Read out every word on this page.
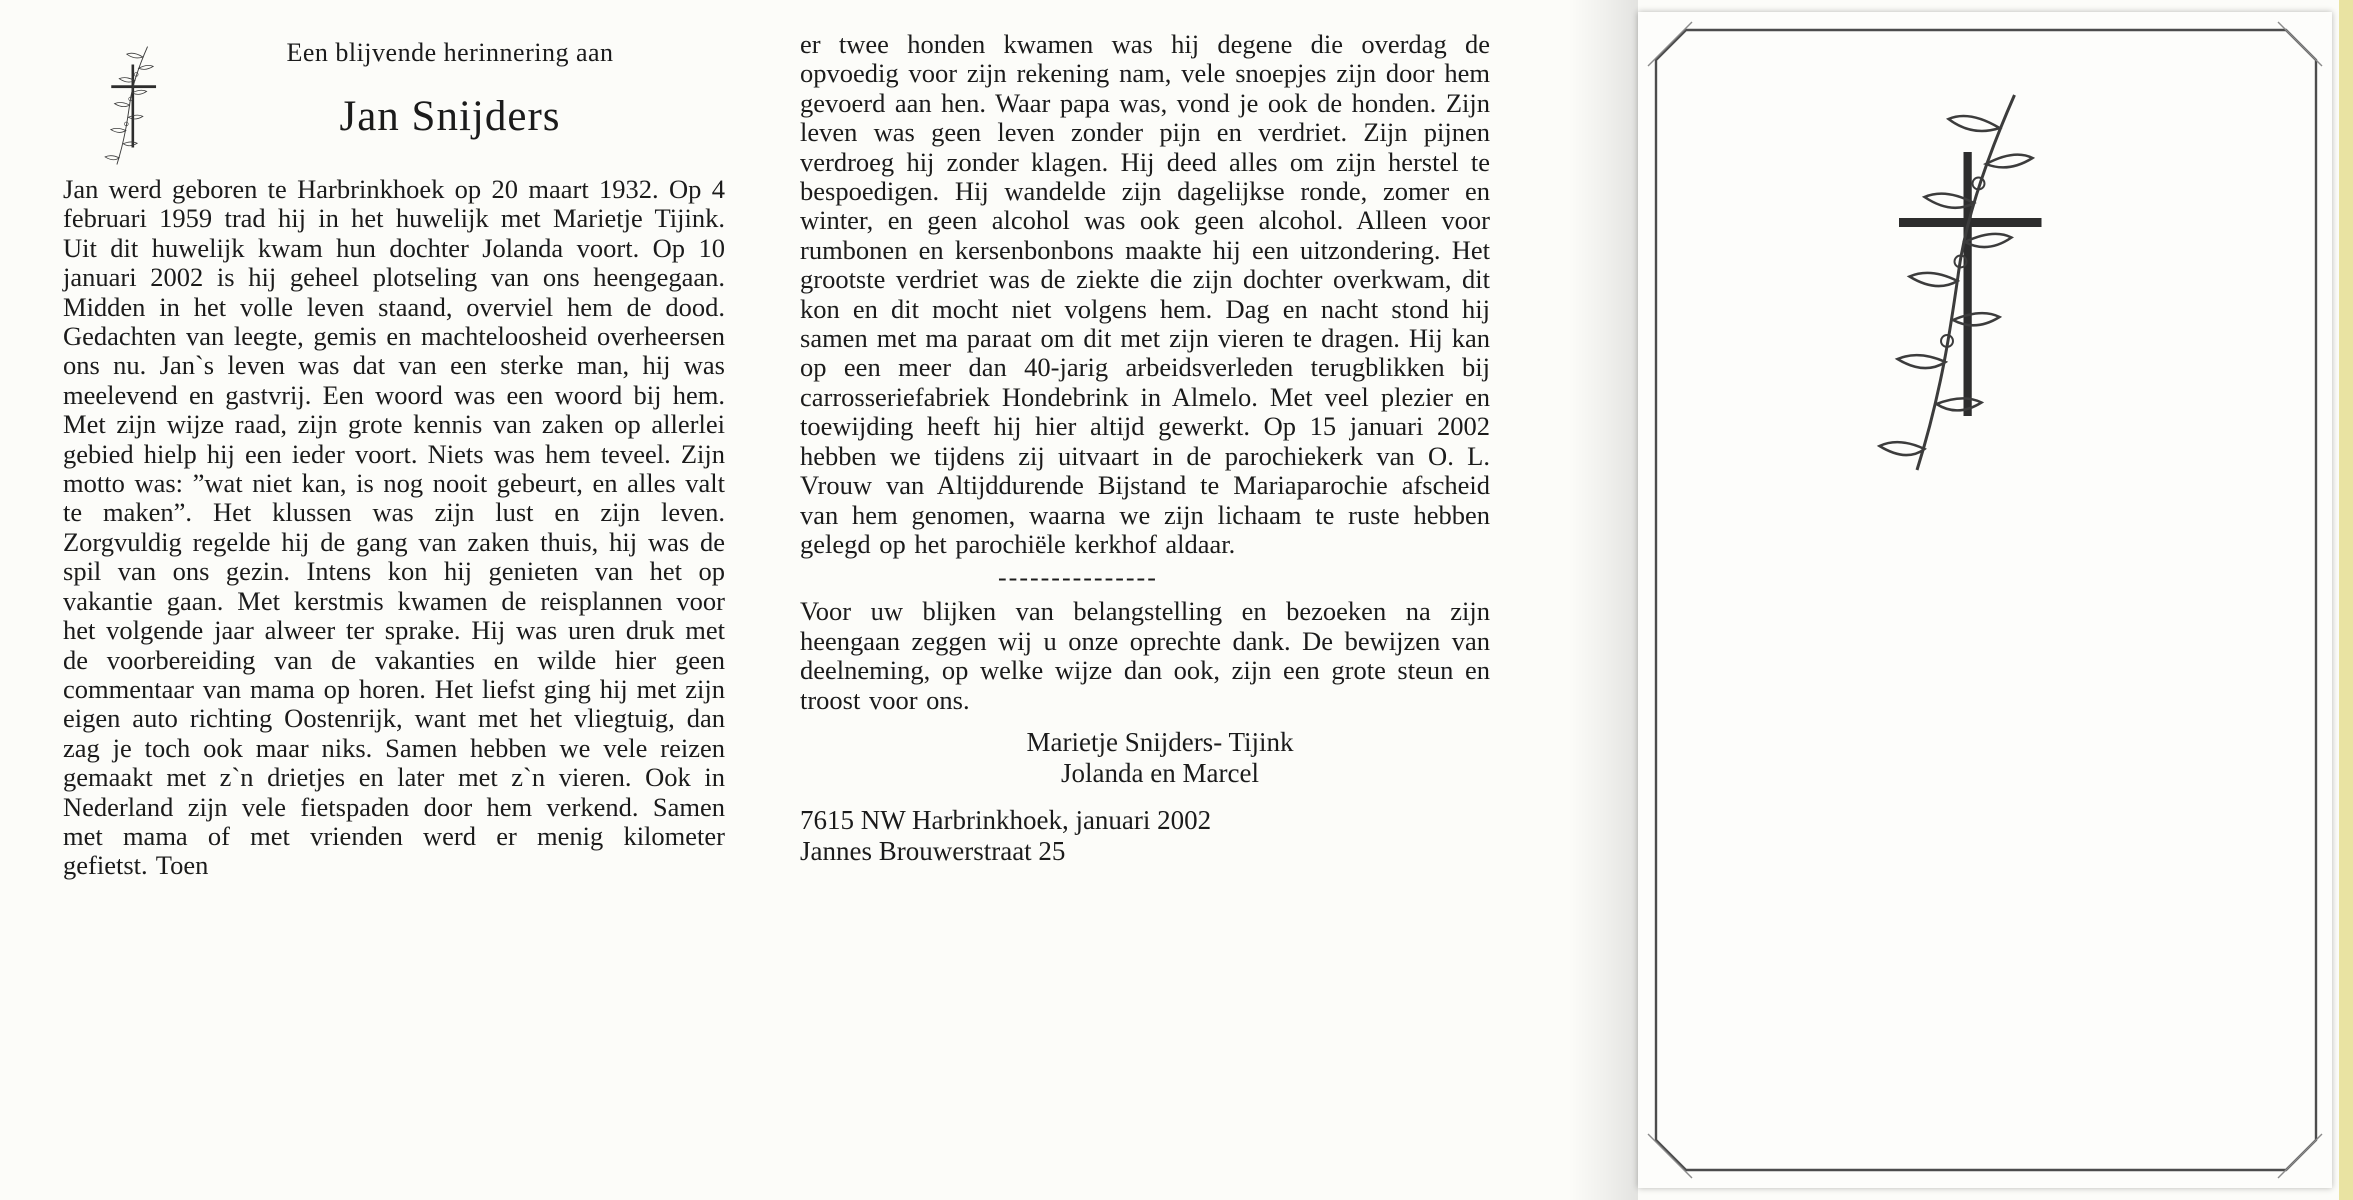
Een blijvende herinnering aan
Jan Snijders
Jan werd geboren te Harbrinkhoek op 20 maart 1932. Op 4 februari 1959 trad hij in het huwelijk met Marietje Tijink. Uit dit huwelijk kwam hun dochter Jolanda voort. Op 10 januari 2002 is hij geheel plotseling van ons heengegaan. Midden in het volle leven staand, overviel hem de dood. Gedachten van leegte, gemis en machteloosheid overheersen ons nu. Jan`s leven was dat van een sterke man, hij was meelevend en gastvrij. Een woord was een woord bij hem. Met zijn wijze raad, zijn grote kennis van zaken op allerlei gebied hielp hij een ieder voort. Niets was hem teveel. Zijn motto was: ”wat niet kan, is nog nooit gebeurt, en alles valt te maken”. Het klussen was zijn lust en zijn leven. Zorgvuldig regelde hij de gang van zaken thuis, hij was de spil van ons gezin. Intens kon hij genieten van het op vakantie gaan. Met kerstmis kwamen de reisplannen voor het volgende jaar alweer ter sprake. Hij was uren druk met de voorbereiding van de vakanties en wilde hier geen commentaar van mama op horen. Het liefst ging hij met zijn eigen auto richting Oostenrijk, want met het vliegtuig, dan zag je toch ook maar niks. Samen hebben we vele reizen gemaakt met z`n drietjes en later met z`n vieren. Ook in Nederland zijn vele fietspaden door hem verkend. Samen met mama of met vrienden werd er menig kilometer gefietst. Toen
er twee honden kwamen was hij degene die overdag de opvoedig voor zijn rekening nam, vele snoepjes zijn door hem gevoerd aan hen. Waar papa was, vond je ook de honden. Zijn leven was geen leven zonder pijn en verdriet. Zijn pijnen verdroeg hij zonder klagen. Hij deed alles om zijn herstel te bespoedigen. Hij wandelde zijn dagelijkse ronde, zomer en winter, en geen alcohol was ook geen alcohol. Alleen voor rumbonen en kersenbonbons maakte hij een uitzondering. Het grootste verdriet was de ziekte die zijn dochter overkwam, dit kon en dit mocht niet volgens hem. Dag en nacht stond hij samen met ma paraat om dit met zijn vieren te dragen. Hij kan op een meer dan 40-jarig arbeidsverleden terugblikken bij carrosseriefabriek Hondebrink in Almelo. Met veel plezier en toewijding heeft hij hier altijd gewerkt. Op 15 januari 2002 hebben we tijdens zij uitvaart in de parochiekerk van O. L. Vrouw van Altijddurende Bijstand te Mariaparochie afscheid van hem genomen, waarna we zijn lichaam te ruste hebben gelegd op het parochiële kerkhof aldaar.
---------------
Voor uw blijken van belangstelling en bezoeken na zijn heengaan zeggen wij u onze oprechte dank. De bewijzen van deelneming, op welke wijze dan ook, zijn een grote steun en troost voor ons.
Marietje Snijders- Tijink
Jolanda en Marcel
7615 NW Harbrinkhoek, januari 2002
Jannes Brouwerstraat 25
